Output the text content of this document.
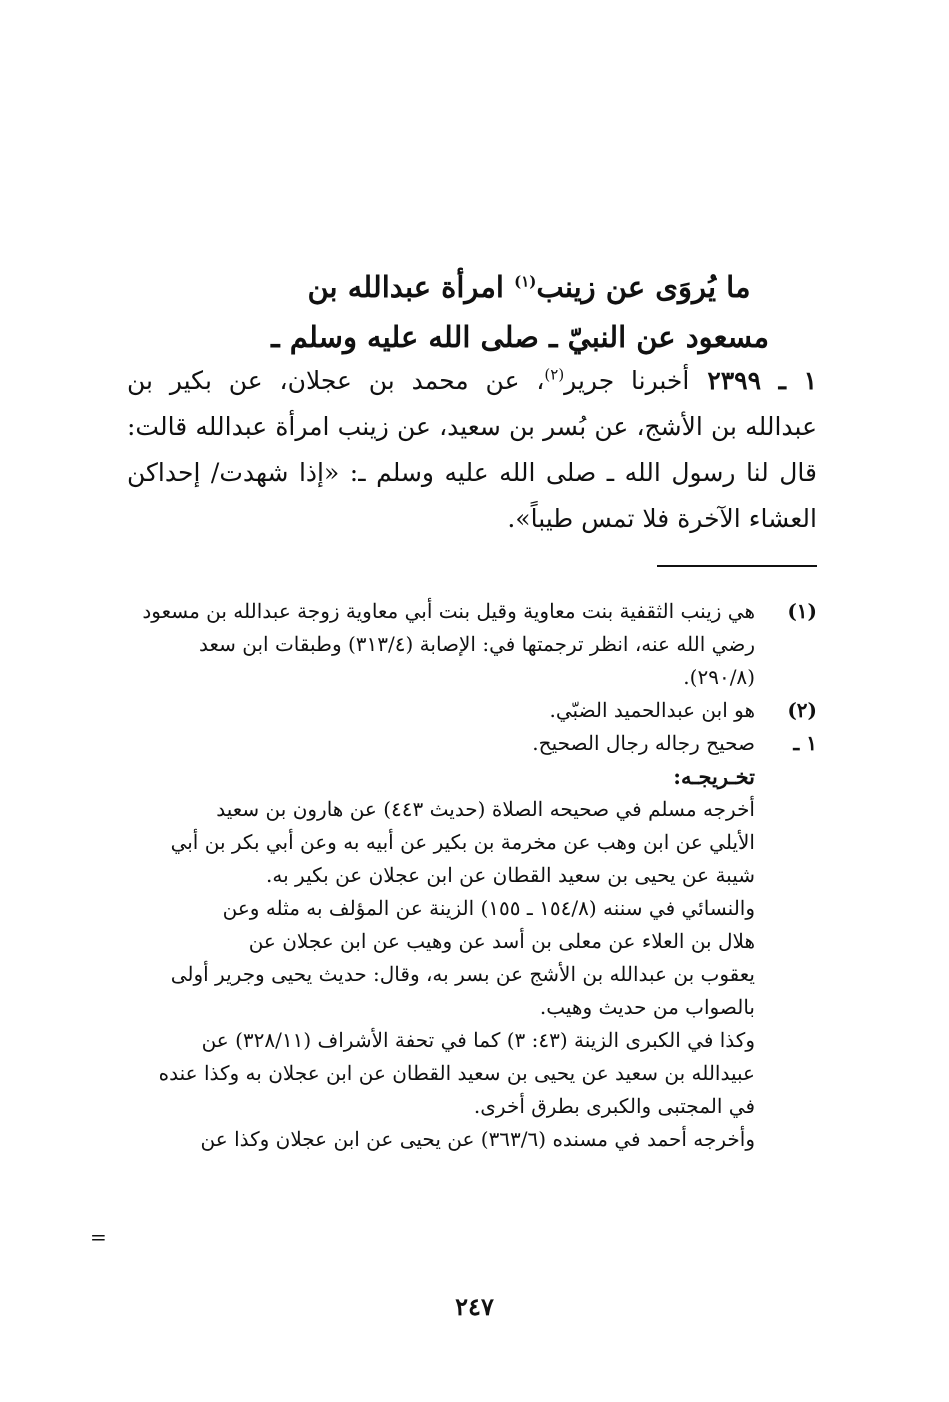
ما يُروَى عن زينب$^{(١)}$ امرأة عبدالله بن

مسعود عن النبيّ ـ صلى الله عليه وسلم ـ

١ ـ ٢٣٩٩أخبرنا جرير$^{(٢)}$، عن محمد بن عجلان، عن بكير بن
عبدالله بن الأشج، عن بُسر بن سعيد، عن زينب امرأة عبدالله قالت:
قال لنا رسول الله ـ صلى الله عليه وسلم ـ: «إذا شهدت/ إحداكن
العشاء الآخرة فلا تمس طيباً».
(١)
هي زينب الثقفية بنت معاوية وقيل بنت أبي معاوية زوجة عبدالله بن مسعود
رضي الله عنه، انظر ترجمتها في: الإصابة (٣١٣/٤) وطبقات ابن سعد
(٢٩٠/٨).
(٢)
هو ابن عبدالحميد الضبّي.
١ ـ
صحيح رجاله رجال الصحيح.
تخـريجـه:
أخرجه مسلم في صحيحه الصلاة (حديث ٤٤٣) عن هارون بن سعيد
الأيلي عن ابن وهب عن مخرمة بن بكير عن أبيه به وعن أبي بكر بن أبي
شيبة عن يحيى بن سعيد القطان عن ابن عجلان عن بكير به.
والنسائي في سننه (١٥٤/٨ ـ ١٥٥) الزينة عن المؤلف به مثله وعن
هلال بن العلاء عن معلى بن أسد عن وهيب عن ابن عجلان عن
يعقوب بن عبدالله بن الأشج عن بسر به، وقال: حديث يحيى وجرير أولى
بالصواب من حديث وهيب.
وكذا في الكبرى الزينة (٤٣: ٣) كما في تحفة الأشراف (٣٢٨/١١) عن
عبيدالله بن سعيد عن يحيى بن سعيد القطان عن ابن عجلان به وكذا عنده
في المجتبى والكبرى بطرق أخرى.
وأخرجه أحمد في مسنده (٣٦٣/٦) عن يحيى عن ابن عجلان وكذا عن
=
٢٤٧
